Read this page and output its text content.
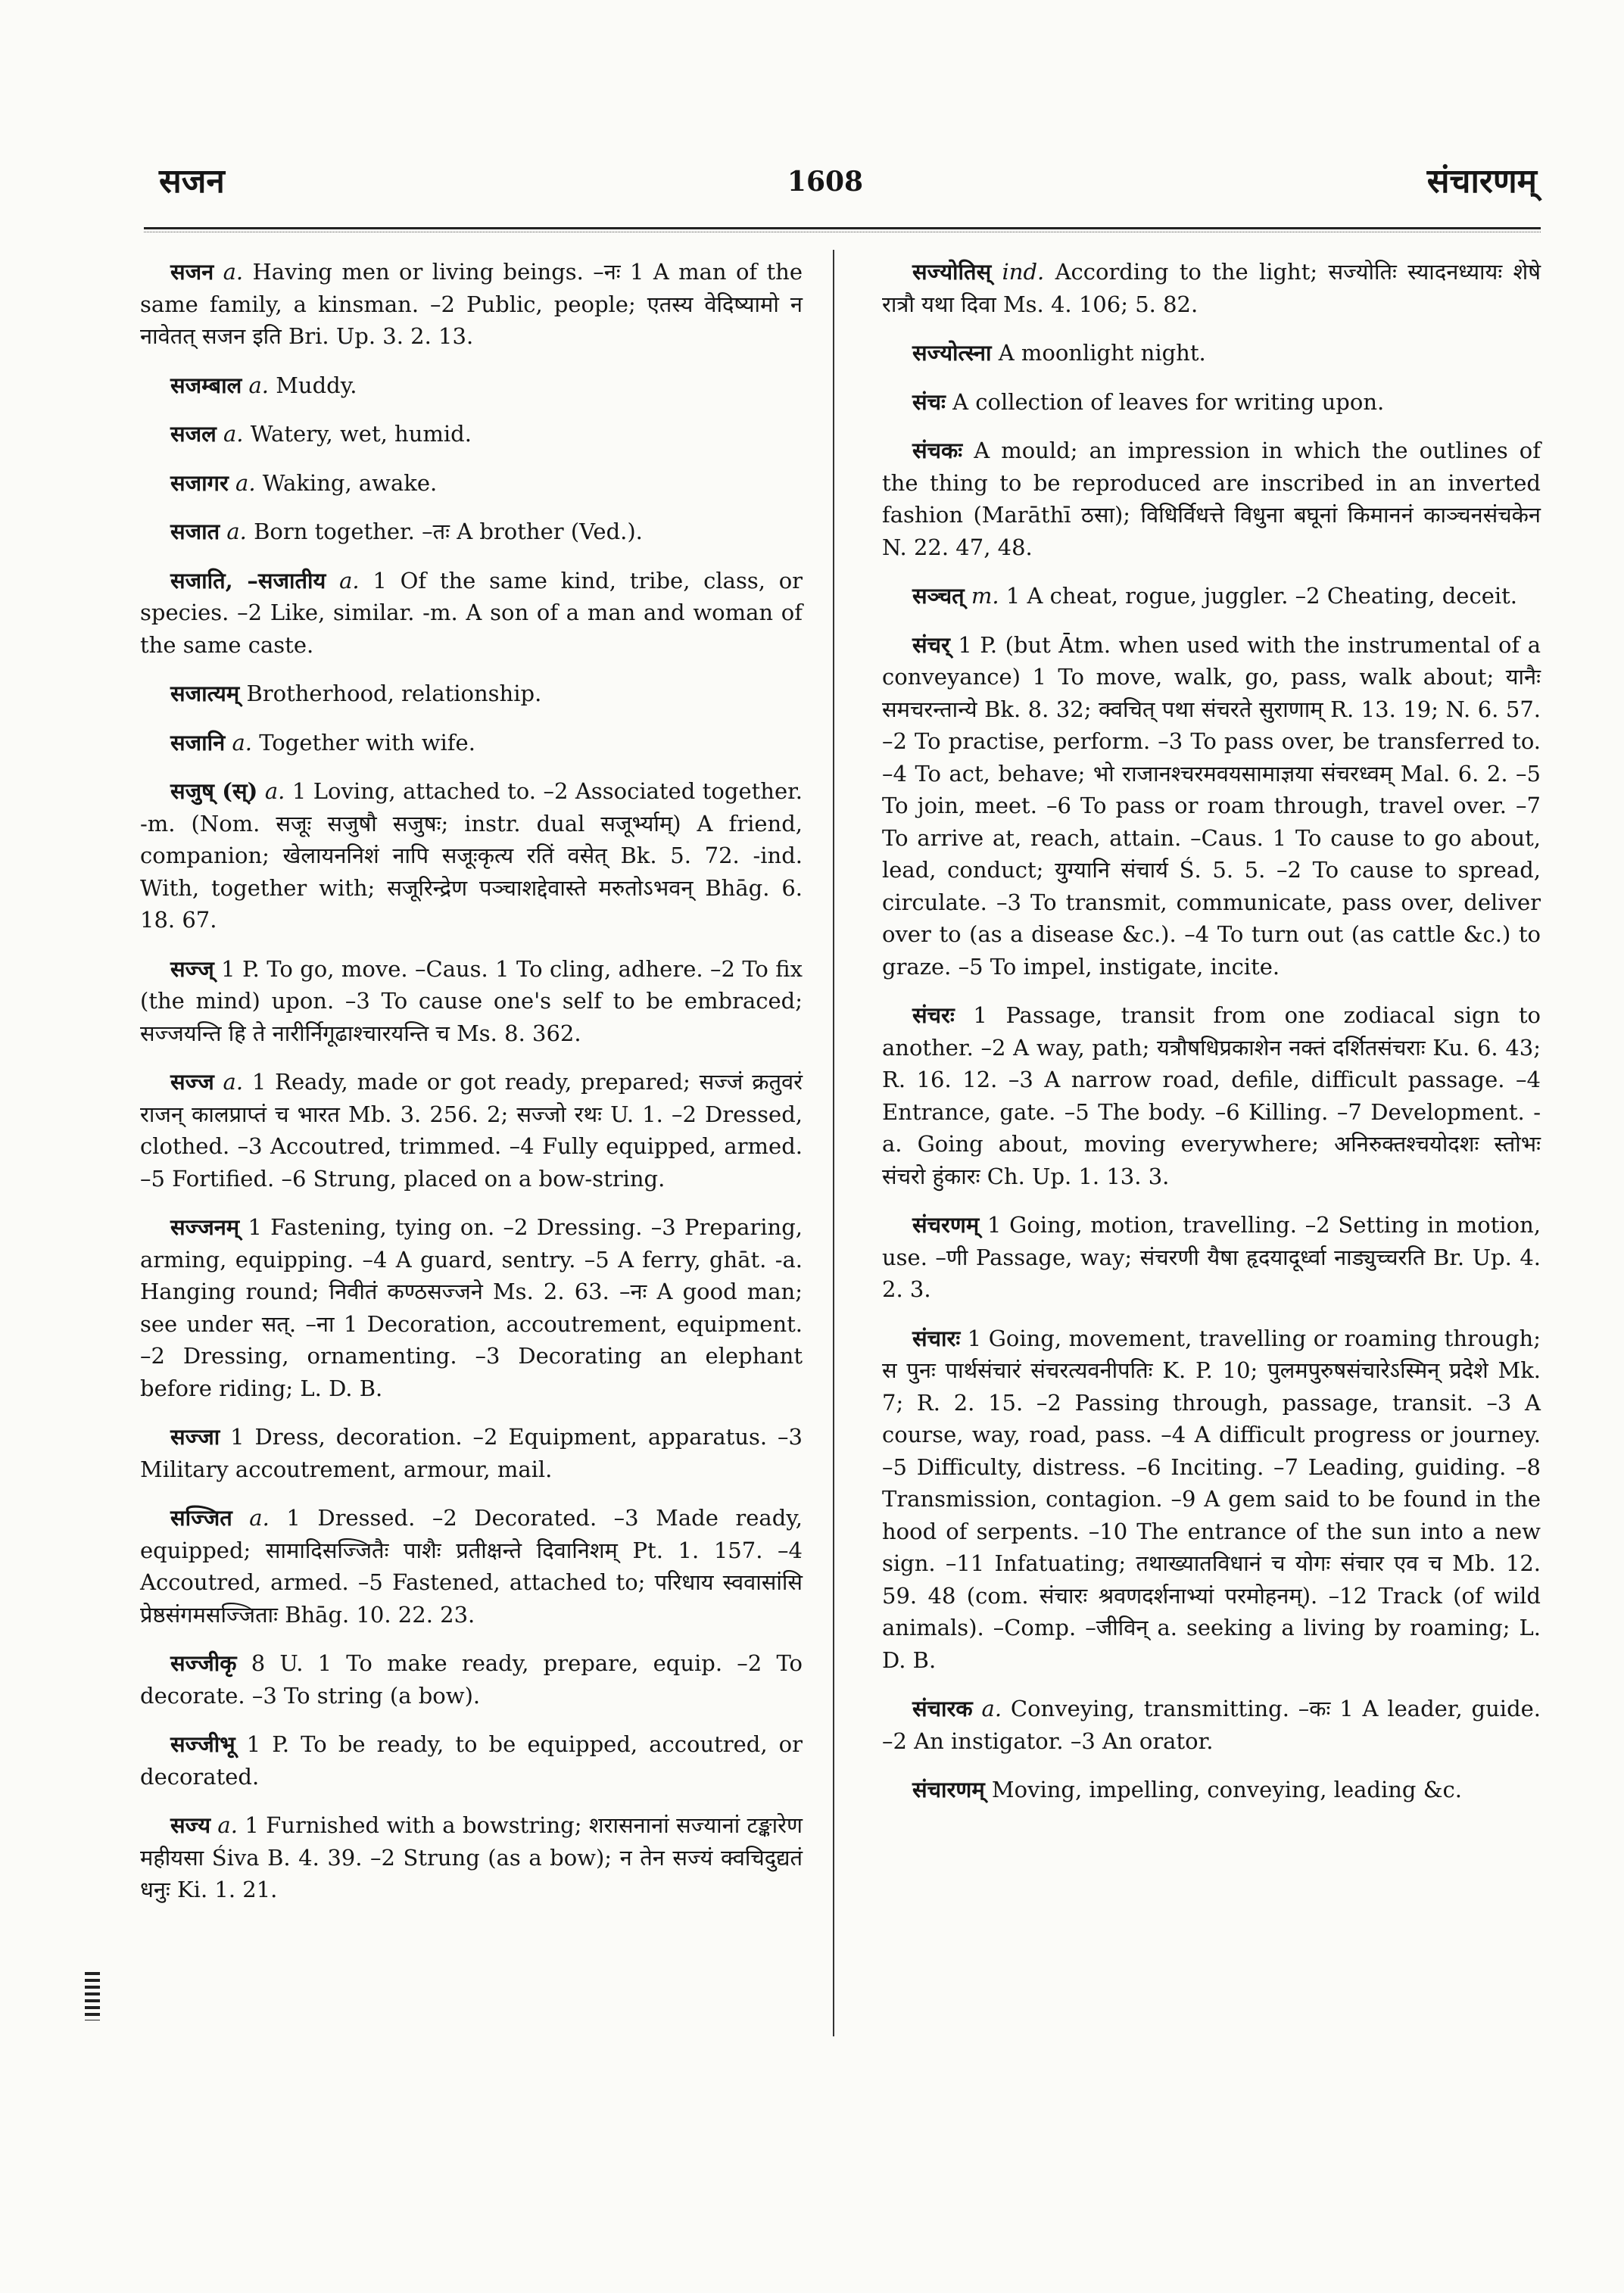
सजन	1608	संचारणम्

सजन a. Having men or living beings. –नः 1 A man of the same family, a kinsman. –2 Public, people; एतस्य वेदिष्यामो न नावेतत् सजन इति Bri. Up. 3. 2. 13.

सजम्बाल a. Muddy.

सजल a. Watery, wet, humid.

सजागर a. Waking, awake.

सजात a. Born together. –तः A brother (Ved.).

सजाति, –सजातीय a. 1 Of the same kind, tribe, class, or species. –2 Like, similar. -m. A son of a man and woman of the same caste.

सजात्यम् Brotherhood, relationship.

सजानि a. Together with wife.

सजुष् (स्) a. 1 Loving, attached to. –2 Associated together. -m. (Nom. सजूः सजुषौ सजुषः; instr. dual सजूर्भ्याम्) A friend, companion; खेलायननिशं नापि सजूःकृत्य रतिं वसेत् Bk. 5. 72. -ind. With, together with; सजूरिन्द्रेण पञ्चाशद्देवास्ते मरुतोऽभवन् Bhāg. 6. 18. 67.

सज्ज् 1 P. To go, move. –Caus. 1 To cling, adhere. –2 To fix (the mind) upon. –3 To cause one's self to be embraced; सज्जयन्ति हि ते नारीर्निगूढाश्चारयन्ति च Ms. 8. 362.

सज्ज a. 1 Ready, made or got ready, prepared; सज्जं क्रतुवरं राजन् कालप्राप्तं च भारत Mb. 3. 256. 2; सज्जो रथः U. 1. –2 Dressed, clothed. –3 Accoutred, trimmed. –4 Fully equipped, armed. –5 Fortified. –6 Strung, placed on a bow-string.

सज्जनम् 1 Fastening, tying on. –2 Dressing. –3 Preparing, arming, equipping. –4 A guard, sentry. –5 A ferry, ghāt. -a. Hanging round; निवीतं कण्ठसज्जने Ms. 2. 63. –नः A good man; see under सत्. –ना 1 Decoration, accoutrement, equipment. –2 Dressing, ornamenting. –3 Decorating an elephant before riding; L. D. B.

सज्जा 1 Dress, decoration. –2 Equipment, apparatus. –3 Military accoutrement, armour, mail.

सज्जित a. 1 Dressed. –2 Decorated. –3 Made ready, equipped; सामादिसज्जितैः पाशैः प्रतीक्षन्ते दिवानिशम् Pt. 1. 157. –4 Accoutred, armed. –5 Fastened, attached to; परिधाय स्ववासांसि प्रेष्ठसंगमसज्जिताः Bhāg. 10. 22. 23.

सज्जीकृ 8 U. 1 To make ready, prepare, equip. –2 To decorate. –3 To string (a bow).

सज्जीभू 1 P. To be ready, to be equipped, accoutred, or decorated.

सज्य a. 1 Furnished with a bowstring; शरासनानां सज्यानां टङ्कारेण महीयसा Śiva B. 4. 39. –2 Strung (as a bow); न तेन सज्यं क्वचिदुद्यतं धनुः Ki. 1. 21.

सज्योतिस् ind. According to the light; सज्योतिः स्यादनध्यायः शेषे रात्रौ यथा दिवा Ms. 4. 106; 5. 82.

सज्योत्स्ना A moonlight night.

संचः A collection of leaves for writing upon.

संचकः A mould; an impression in which the outlines of the thing to be reproduced are inscribed in an inverted fashion (Marāthī ठसा); विधिर्विधत्ते विधुना बघूनां किमाननं काञ्चनसंचकेन N. 22. 47, 48.

सञ्चत् m. 1 A cheat, rogue, juggler. –2 Cheating, deceit.

संचर् 1 P. (but Ātm. when used with the instrumental of a conveyance) 1 To move, walk, go, pass, walk about; यानैः समचरन्तान्ये Bk. 8. 32; क्वचित् पथा संचरते सुराणाम् R. 13. 19; N. 6. 57. –2 To practise, perform. –3 To pass over, be transferred to. –4 To act, behave; भो राजानश्चरमवयसामाज्ञया संचरध्वम् Mal. 6. 2. –5 To join, meet. –6 To pass or roam through, travel over. –7 To arrive at, reach, attain. –Caus. 1 To cause to go about, lead, conduct; युग्यानि संचार्य Ś. 5. 5. –2 To cause to spread, circulate. –3 To transmit, communicate, pass over, deliver over to (as a disease &c.). –4 To turn out (as cattle &c.) to graze. –5 To impel, instigate, incite.

संचरः 1 Passage, transit from one zodiacal sign to another. –2 A way, path; यत्रौषधिप्रकाशेन नक्तं दर्शितसंचराः Ku. 6. 43; R. 16. 12. –3 A narrow road, defile, difficult passage. –4 Entrance, gate. –5 The body. –6 Killing. –7 Development. -a. Going about, moving everywhere; अनिरुक्तश्चयोदशः स्तोभः संचरो हुंकारः Ch. Up. 1. 13. 3.

संचरणम् 1 Going, motion, travelling. –2 Setting in motion, use. –णी Passage, way; संचरणी यैषा हृदयादूर्ध्वा नाड्युच्चरति Br. Up. 4. 2. 3.

संचारः 1 Going, movement, travelling or roaming through; स पुनः पार्थसंचारं संचरत्यवनीपतिः K. P. 10; पुलमपुरुषसंचारेऽस्मिन् प्रदेशे Mk. 7; R. 2. 15. –2 Passing through, passage, transit. –3 A course, way, road, pass. –4 A difficult progress or journey. –5 Difficulty, distress. –6 Inciting. –7 Leading, guiding. –8 Transmission, contagion. –9 A gem said to be found in the hood of serpents. –10 The entrance of the sun into a new sign. –11 Infatuating; तथाख्यातविधानं च योगः संचार एव च Mb. 12. 59. 48 (com. संचारः श्रवणदर्शनाभ्यां परमोहनम्). –12 Track (of wild animals). –Comp. –जीविन् a. seeking a living by roaming; L. D. B.

संचारक a. Conveying, transmitting. –कः 1 A leader, guide. –2 An instigator. –3 An orator.

संचारणम् Moving, impelling, conveying, leading &c.
